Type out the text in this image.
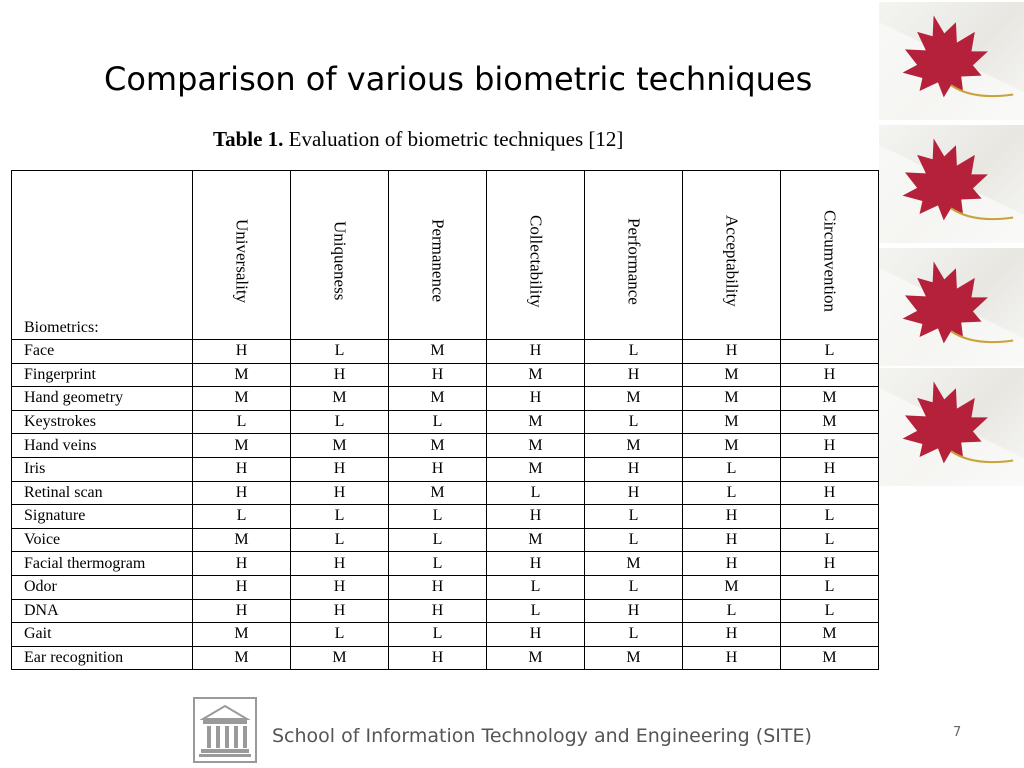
Comparison of various biometric techniques
Table 1. Evaluation of biometric techniques [12]
Biometrics:	Universality	Uniqueness	Permanence	Collectability	Performance	Acceptability	Circumvention

Face	H	L	M	H	L	H	L
Fingerprint	M	H	H	M	H	M	H
Hand geometry	M	M	M	H	M	M	M
Keystrokes	L	L	L	M	L	M	M
Hand veins	M	M	M	M	M	M	H
Iris	H	H	H	M	H	L	H
Retinal scan	H	H	M	L	H	L	H
Signature	L	L	L	H	L	H	L
Voice	M	L	L	M	L	H	L
Facial thermogram	H	H	L	H	M	H	H
Odor	H	H	H	L	L	M	L
DNA	H	H	H	L	H	L	L
Gait	M	L	L	H	L	H	M
Ear recognition	M	M	H	M	M	H	M
School of Information Technology and Engineering (SITE)	7
